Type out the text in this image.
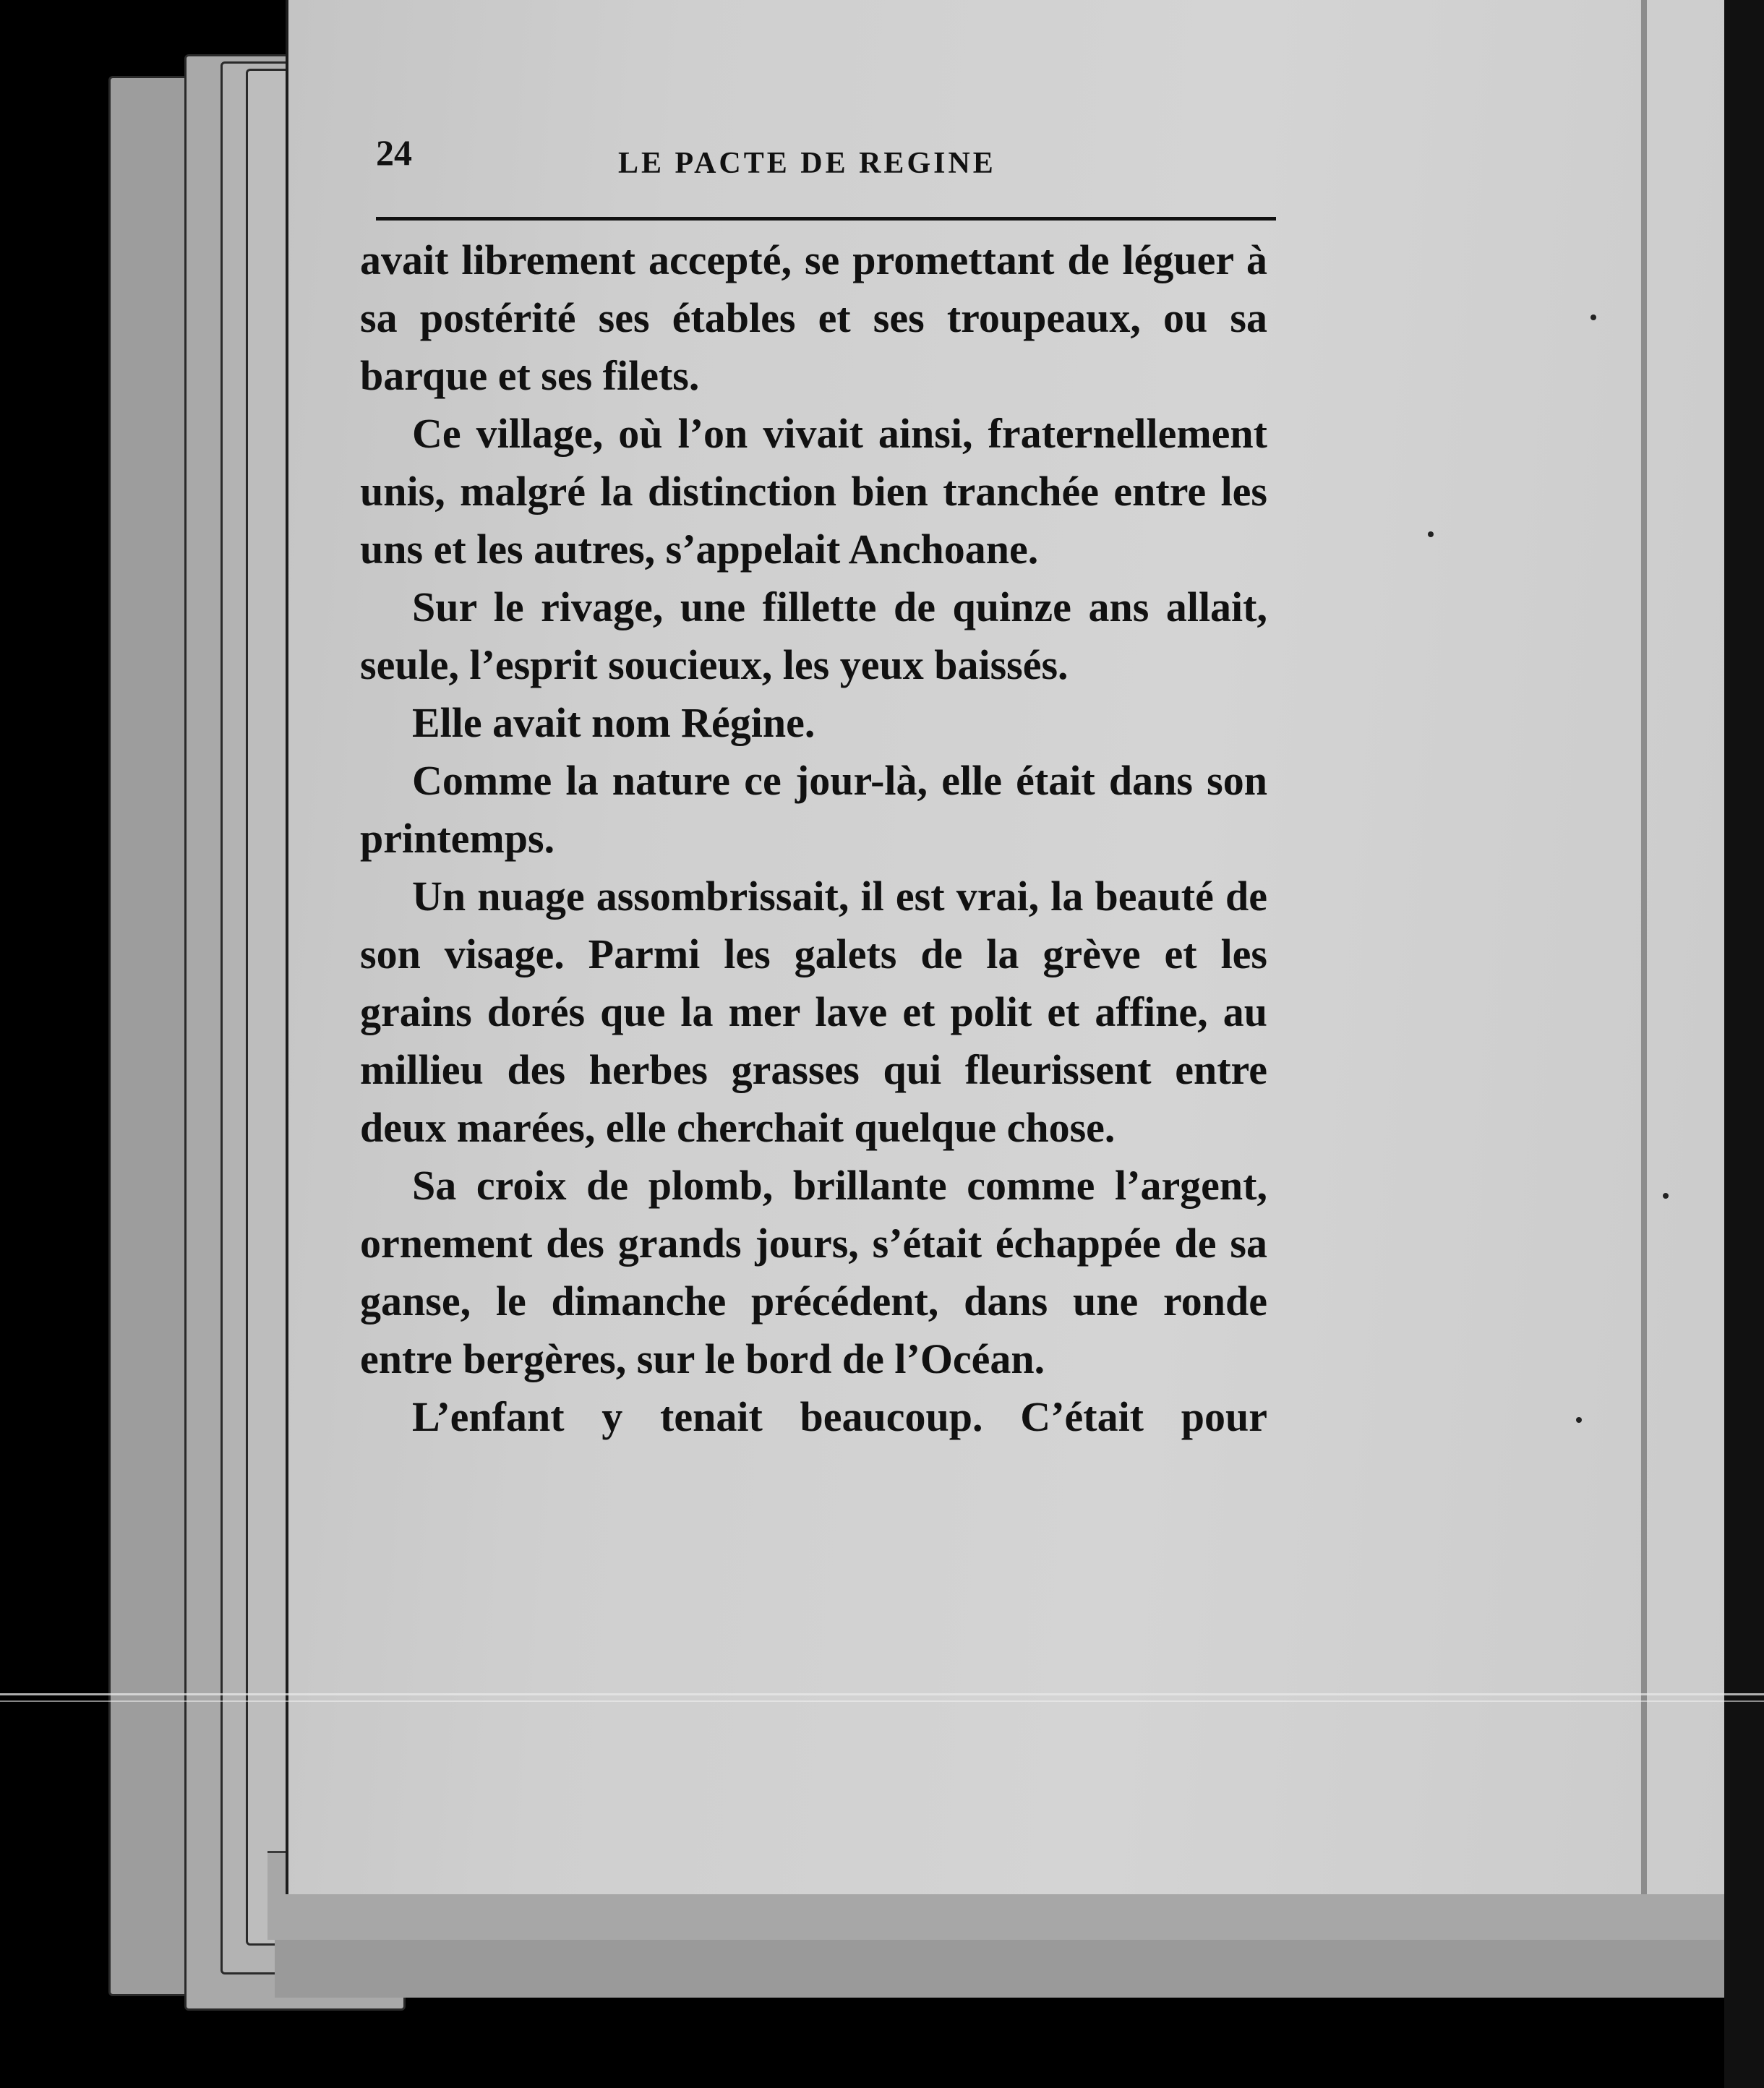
24	LE PACTE DE REGINE

avait librement accepté, se promettant de léguer à sa postérité ses étables et ses troupeaux, ou sa barque et ses filets.

Ce village, où l’on vivait ainsi, fraternellement unis, malgré la distinction bien tranchée entre les uns et les autres, s’appelait Anchoane.

Sur le rivage, une fillette de quinze ans allait, seule, l’esprit soucieux, les yeux baissés.

Elle avait nom Régine.

Comme la nature ce jour-là, elle était dans son printemps.

Un nuage assombrissait, il est vrai, la beauté de son visage. Parmi les galets de la grève et les grains dorés que la mer lave et polit et affine, au millieu des herbes grasses qui fleurissent entre deux marées, elle cherchait quelque chose.

Sa croix de plomb, brillante comme l’argent, ornement des grands jours, s’était échappée de sa ganse, le dimanche précédent, dans une ronde entre bergères, sur le bord de l’Océan.

L’enfant y tenait beaucoup. C’était pour
